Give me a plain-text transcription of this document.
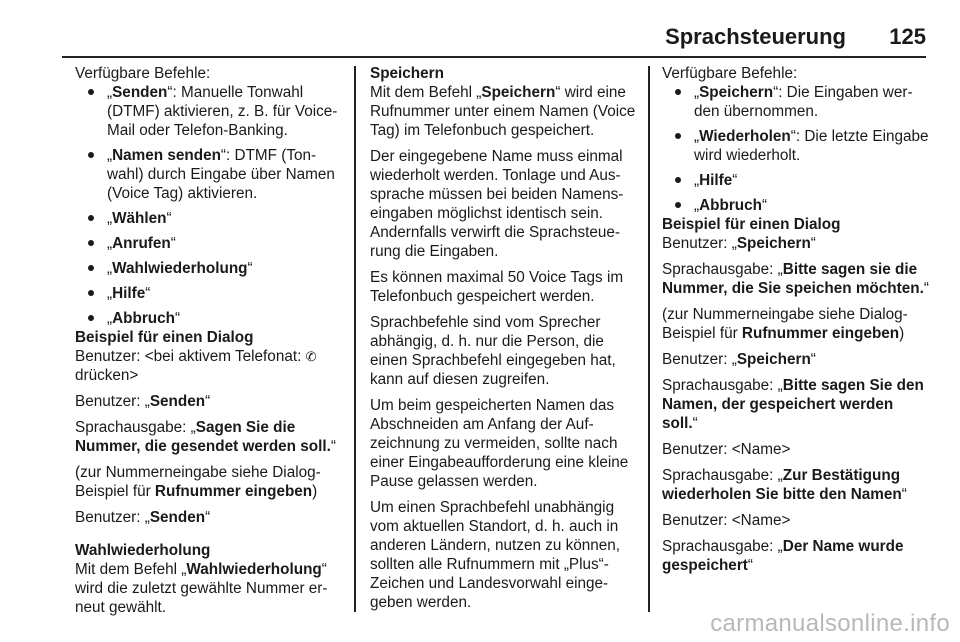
Sprachsteuerung 125

Verfügbare Befehle:

„Senden“: Manuelle Tonwahl (DTMF) aktivieren, z. B. für Voice-Mail oder Telefon-Banking.
„Namen senden“: DTMF (Tonwahl) durch Eingabe über Namen (Voice Tag) aktivieren.
„Wählen“
„Anrufen“
„Wahlwiederholung“
„Hilfe“
„Abbruch“
Beispiel für einen Dialog

Benutzer: <bei aktivem Telefonat: ✆ drücken>

Benutzer: „Senden“

Sprachausgabe: „Sagen Sie die Nummer, die gesendet werden soll.“

(zur Nummerneingabe siehe Dialog-Beispiel für Rufnummer eingeben)

Benutzer: „Senden“

Wahlwiederholung

Mit dem Befehl „Wahlwiederholung“ wird die zuletzt gewählte Nummer erneut gewählt.

Speichern

Mit dem Befehl „Speichern“ wird eine Rufnummer unter einem Namen (Voice Tag) im Telefonbuch gespeichert.

Der eingegebene Name muss einmal wiederholt werden. Tonlage und Aussprache müssen bei beiden Namenseingaben möglichst identisch sein. Andernfalls verwirft die Sprachsteuerung die Eingaben.

Es können maximal 50 Voice Tags im Telefonbuch gespeichert werden.

Sprachbefehle sind vom Sprecher abhängig, d. h. nur die Person, die einen Sprachbefehl eingegeben hat, kann auf diesen zugreifen.

Um beim gespeicherten Namen das Abschneiden am Anfang der Aufzeichnung zu vermeiden, sollte nach einer Eingabeaufforderung eine kleine Pause gelassen werden.

Um einen Sprachbefehl unabhängig vom aktuellen Standort, d. h. auch in anderen Ländern, nutzen zu können, sollten alle Rufnummern mit „Plus“-Zeichen und Landesvorwahl eingegeben werden.

Verfügbare Befehle:

„Speichern“: Die Eingaben werden übernommen.
„Wiederholen“: Die letzte Eingabe wird wiederholt.
„Hilfe“
„Abbruch“
Beispiel für einen Dialog

Benutzer: „Speichern“

Sprachausgabe: „Bitte sagen sie die Nummer, die Sie speichen möchten.“

(zur Nummerneingabe siehe Dialog-Beispiel für Rufnummer eingeben)

Benutzer: „Speichern“

Sprachausgabe: „Bitte sagen Sie den Namen, der gespeichert werden soll.“

Benutzer: <Name>

Sprachausgabe: „Zur Bestätigung wiederholen Sie bitte den Namen“

Benutzer: <Name>

Sprachausgabe: „Der Name wurde gespeichert“

carmanualsonline.info
